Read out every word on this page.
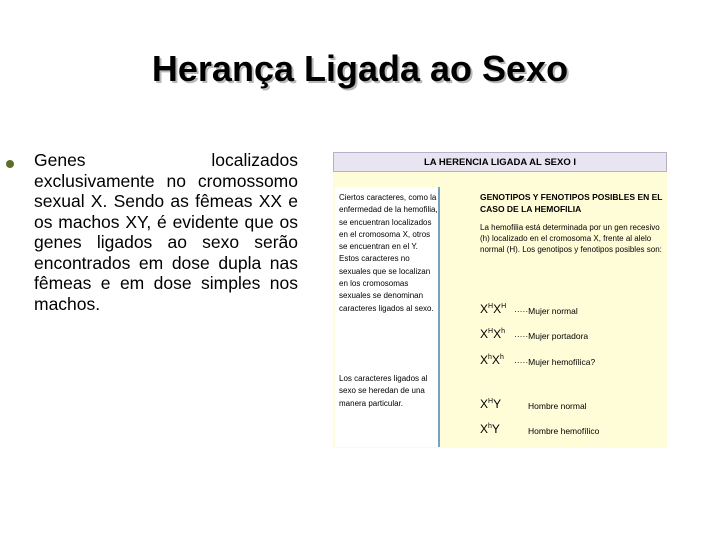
Herança Ligada ao Sexo
Genes localizados exclusivamente no cromossomo sexual X. Sendo as fêmeas XX e os machos XY, é evidente que os genes ligados ao sexo serão encontrados em dose dupla nas fêmeas e em dose simples nos machos.
LA HERENCIA LIGADA AL SEXO I
Ciertos caracteres, como la enfermedad de la hemofilia, se encuentran localizados en el cromosoma X, otros se encuentran en el Y. Estos caracteres no sexuales que se localizan en los cromosomas sexuales se denominan caracteres ligados al sexo.
Los caracteres ligados al sexo se heredan de una manera particular.
GENOTIPOS Y FENOTIPOS POSIBLES EN EL CASO DE LA HEMOFILIA
La hemofilia está determinada por un gen recesivo (h) localizado en el cromosoma X, frente al alelo normal (H). Los genotipos y fenotipos posibles son:
$X^HX^H$ ·····Mujer normal
$X^HX^h$ ·····Mujer portadora
$X^hX^h$ ·····Mujer hemofílica?
$X^HY$	Hombre normal
$X^hY$	Hombre hemofílico
